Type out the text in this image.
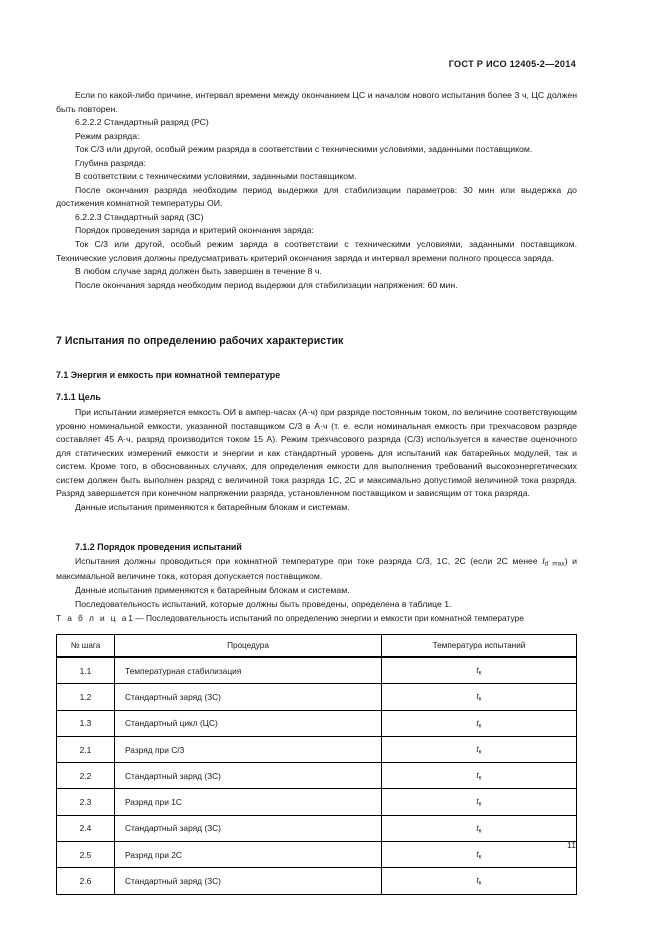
ГОСТ Р ИСО 12405-2—2014

Если по какой-либо причине, интервал времени между окончанием ЦС и началом нового испытания более 3 ч, ЦС должен быть повторен.

6.2.2.2 Стандартный разряд (РС)

Режим разряда:

Ток С/3 или другой, особый режим разряда в соответствии с техническими условиями, заданными поставщиком.

Глубина разряда:

В соответствии с техническими условиями, заданными поставщиком.

После окончания разряда необходим период выдержки для стабилизации параметров: 30 мин или выдержка до достижения комнатной температуры ОИ.

6.2.2.3 Стандартный заряд (ЗС)

Порядок проведения заряда и критерий окончания заряда:

Ток С/3 или другой, особый режим заряда в соответствии с техническими условиями, заданными поставщиком. Технические условия должны предусматривать критерий окончания заряда и интервал времени полного процесса заряда.

В любом случае заряд должен быть завершен в течение 8 ч.

После окончания заряда необходим период выдержки для стабилизации напряжения: 60 мин.

7 Испытания по определению рабочих характеристик
7.1 Энергия и емкость при комнатной температуре
7.1.1 Цель

При испытании измеряется емкость ОИ в ампер-часах (А·ч) при разряде постоянным током, по величине соответствующим уровню номинальной емкости, указанной поставщиком С/3 в А·ч (т. е. если номинальная емкость при трехчасовом разряде составляет 45 А·ч, разряд производится током 15 А). Режим трехчасового разряда (С/3) используется в качестве оценочного для статических измерений емкости и энергии и как стандартный уровень для испытаний как батарейных модулей, так и систем. Кроме того, в обоснованных случаях, для определения емкости для выполнения требований высокоэнергетических систем должен быть выполнен разряд с величиной тока разряда 1С, 2С и максимально допустимой величиной тока разряда. Разряд завершается при конечном напряжении разряда, установленном поставщиком и зависящим от тока разряда.

Данные испытания применяются к батарейным блокам и системам.

7.1.2 Порядок проведения испытаний

Испытания должны проводиться при комнатной температуре при токе разряда С/3, 1С, 2С (если 2С менее $I_{d max}$) и максимальной величине тока, которая допускается поставщиком.

Данные испытания применяются к батарейным блокам и системам.

Последовательность испытаний, которые должны быть проведены, определена в таблице 1.

Т а б л и ц а1 — Последовательность испытаний по определению энергии и емкости при комнатной температуре
№ шага	Процедура	Температура испытаний

1.1	Температурная стабилизация	$t_к$
1.2	Стандартный заряд (ЗС)	$t_к$
1.3	Стандартный цикл (ЦС)	$t_к$
2.1	Разряд при С/3	$t_к$
2.2	Стандартный заряд (ЗС)	$t_к$
2.3	Разряд при 1С	$t_к$
2.4	Стандартный заряд (ЗС)	$t_к$
2.5	Разряд при 2С	$t_к$
2.6	Стандартный заряд (ЗС)	$t_к$
11
